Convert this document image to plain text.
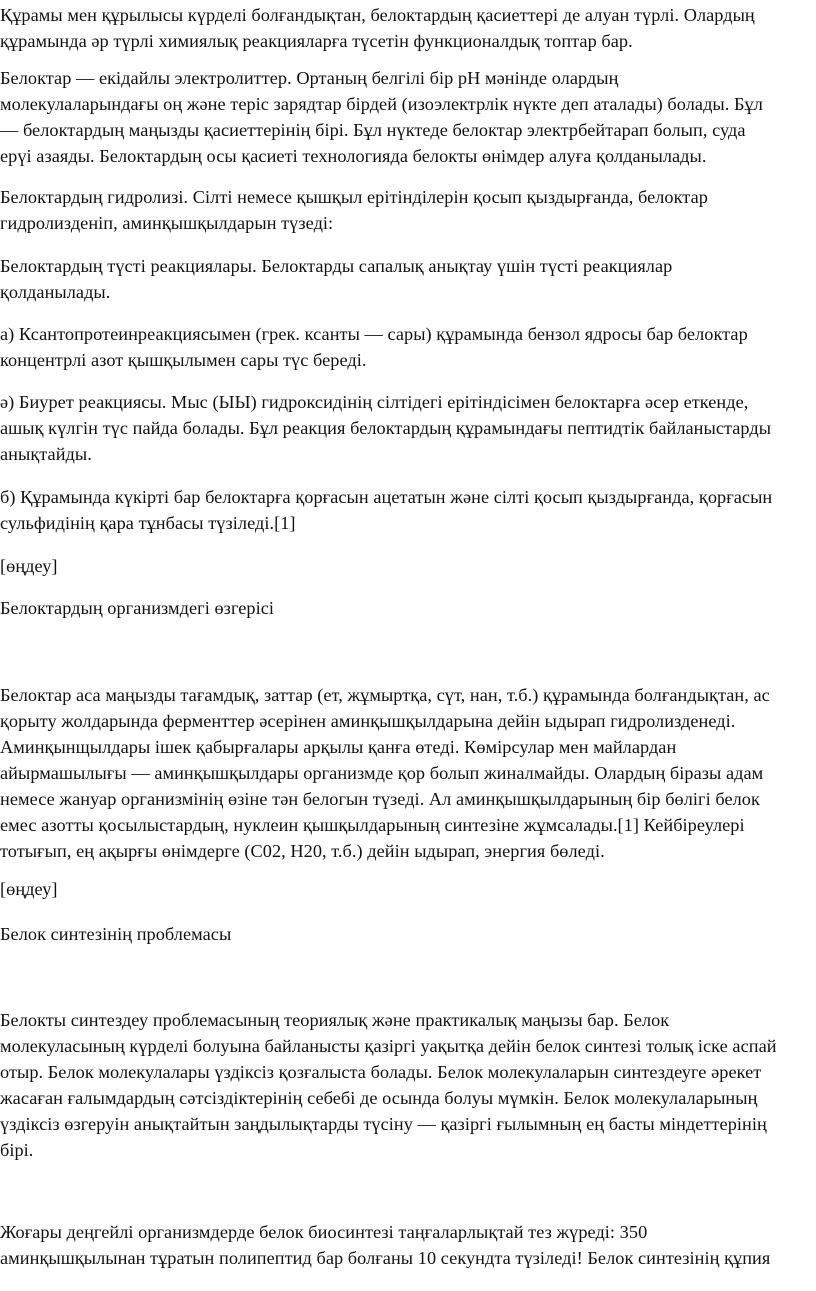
Құрамы мен құрылысы күрделі болғандықтан, белоктардың қасиеттері де алуан түрлі. Олардың
құрамында әр түрлі химиялық реакцияларға түсетін функционалдық топтар бар.

Белоктар — екідайлы электролиттер. Ортаның белгілі бір рН мәнінде олардың
молекулаларындағы оң және теріс зарядтар бірдей (изоэлектрлік нүкте деп аталады) болады. Бұл
— белоктардың маңызды қасиеттерінің бірі. Бұл нүктеде белоктар электрбейтарап болып, суда
ерүі азаяды. Белоктардың осы қасиеті технологияда белокты өнімдер алуға қолданылады.

Белоктардың гидролизі. Сілті немесе қышқыл ерітінділерін қосып қыздырғанда, белоктар
гидролизденіп, аминқышқылдарын түзеді:

Белоктардың түсті реакциялары. Белоктарды сапалық анықтау үшін түсті реакциялар
қолданылады.

а) Ксантопротеинреакциясымен (грек. ксанты — сары) құрамында бензол ядросы бар белоктар
концентрлі азот қышқылымен сары түс береді.

ә) Биурет реакциясы. Мыс (ЫЫ) гидроксидінің сілтідегі ерітіндісімен белоктарға әсер еткенде,
ашық күлгін түс пайда болады. Бұл реакция белоктардың құрамындағы пептидтік байланыстарды
анықтайды.

б) Құрамында күкірті бар белоктарға қорғасын ацетатын және сілті қосып қыздырғанда, қорғасын
сульфидінің қара тұнбасы түзіледі.[1]

[өңдеу]

Белоктардың организмдегі өзгерісі

Белоктар аса маңызды тағамдық, заттар (ет, жұмыртқа, сүт, нан, т.б.) құрамында болғандықтан, ас
қорыту жолдарында ферменттер әсерінен аминқышқылдарына дейін ыдырап гидролизденеді.
Аминқынщылдары ішек қабырғалары арқылы қанға өтеді. Көмірсулар мен майлардан
айырмашылығы — аминқышқылдары организмде қор болып жиналмайды. Олардың біразы адам
немесе жануар организмінің өзіне тән белогын түзеді. Ал аминқышқылдарының бір бөлігі белок
емес азотты қосылыстардың, нуклеин қышқылдарының синтезіне жұмсалады.[1] Кейбіреулері
тотығып, ең ақырғы өнімдерге (С02, Н20, т.б.) дейін ыдырап, энергия бөледі.

[өңдеу]

Белок синтезінің проблемасы

Белокты синтездеу проблемасының теориялық және практикалық маңызы бар. Белок
молекуласының күрделі болуына байланысты қазіргі уақытқа дейін белок синтезі толық іске аспай
отыр. Белок молекулалары үздіксіз қозғалыста болады. Белок молекулаларын синтездеуге әрекет
жасаған ғалымдардың сәтсіздіктерінің себебі де осында болуы мүмкін. Белок молекулаларының
үздіксіз өзгеруін анықтайтын заңдылықтарды түсіну — қазіргі ғылымның ең басты міндеттерінің
бірі.

Жоғары деңгейлі организмдерде белок биосинтезі таңғаларлықтай тез жүреді: 350
аминқышқылынан тұратын полипептид бар болғаны 10 секундта түзіледі! Белок синтезінің құпия
